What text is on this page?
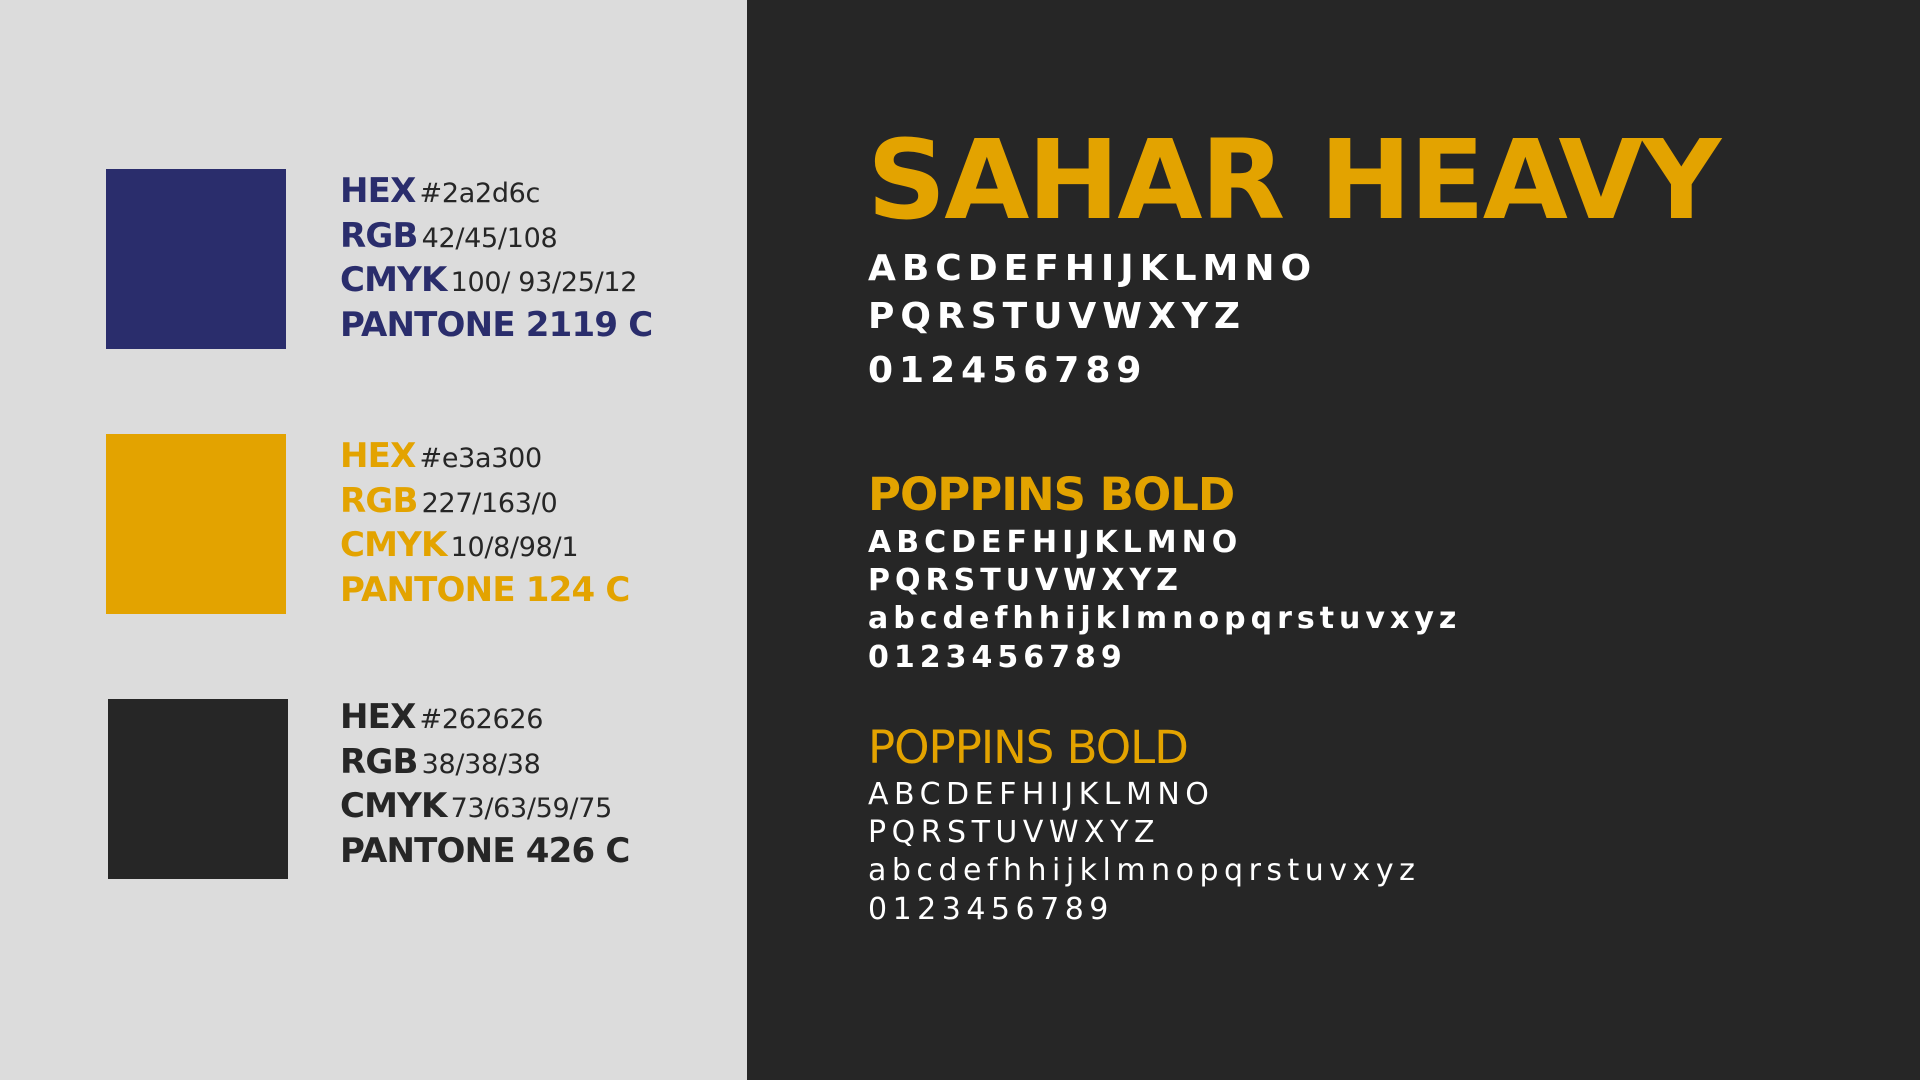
HEX #2a2d6c
RGB 42/45/108
CMYK 100/ 93/25/12
PANTONE 2119 C
HEX #e3a300
RGB 227/163/0
CMYK 10/8/98/1
PANTONE 124 C
HEX #262626
RGB 38/38/38
CMYK 73/63/59/75
PANTONE 426 C
SAHAR HEAVY
ABCDEFHIJKLMNO
PQRSTUVWXYZ
012456789
POPPINS BOLD
ABCDEFHIJKLMNO
PQRSTUVWXYZ
abcdefhhijklmnopqrstuvxyz
0123456789
POPPINS BOLD
ABCDEFHIJKLMNO
PQRSTUVWXYZ
abcdefhhijklmnopqrstuvxyz
0123456789
